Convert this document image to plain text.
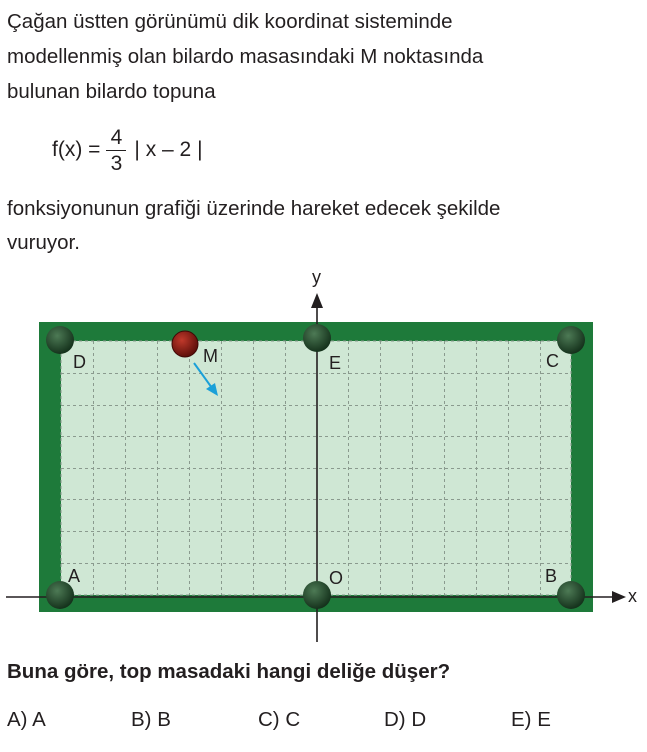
Çağan üstten görünümü dik koordinat sisteminde
modellenmiş olan bilardo masasındaki M noktasında
bulunan bilardo topuna
$f(x) = \frac{4}{3}$ | x – 2 |
fonksiyonunun grafiği üzerinde hareket edecek şekilde
vuruyor.
D	M	E	C
A	O	B
x
y
Buna göre, top masadaki hangi deliğe düşer?
A) A	B) B	C) C	D) D	E) E
